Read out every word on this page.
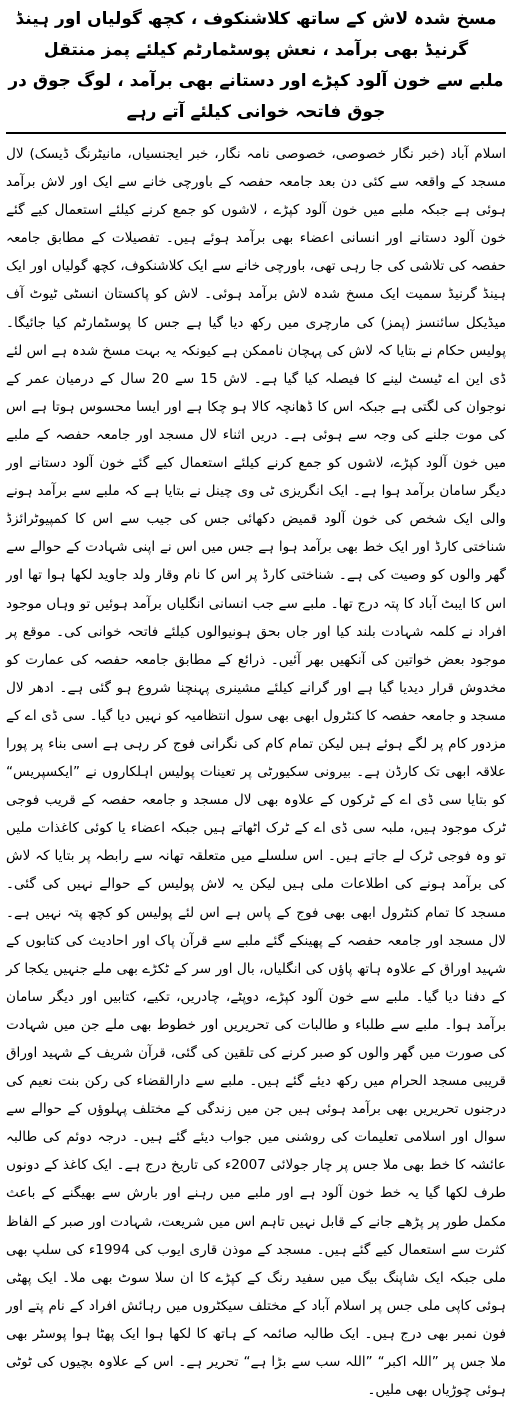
مسخ شدہ لاش کے ساتھ کلاشنکوف ، کچھ گولیاں اور ہینڈ گرنیڈ بھی برآمد ، نعش پوسٹمارٹم کیلئے پمز منتقل
ملبے سے خون آلود کپڑے اور دستانے بھی برآمد ، لوگ جوق در جوق فاتحہ خوانی کیلئے آتے رہے

اسلام آباد (خبر نگار خصوصی، خصوصی نامہ نگار، خبر ایجنسیاں، مانیٹرنگ ڈیسک) لال مسجد کے واقعہ سے کئی دن بعد جامعہ حفصہ کے باورچی خانے سے ایک اور لاش برآمد ہوئی ہے جبکہ ملبے میں خون آلود کپڑے ، لاشوں کو جمع کرنے کیلئے استعمال کیے گئے خون آلود دستانے اور انسانی اعضاء بھی برآمد ہوئے ہیں۔ تفصیلات کے مطابق جامعہ حفصہ کی تلاشی کی جا رہی تھی، باورچی خانے سے ایک کلاشنکوف، کچھ گولیاں اور ایک ہینڈ گرنیڈ سمیت ایک مسخ شدہ لاش برآمد ہوئی۔ لاش کو پاکستان انسٹی ٹیوٹ آف میڈیکل سائنسز (پمز) کی مارچری میں رکھ دیا گیا ہے جس کا پوسٹمارٹم کیا جائیگا۔ پولیس حکام نے بتایا کہ لاش کی پہچان ناممکن ہے کیونکہ یہ بہت مسخ شدہ ہے اس لئے ڈی این اے ٹیسٹ لینے کا فیصلہ کیا گیا ہے۔ لاش 15 سے 20 سال کے درمیان عمر کے نوجوان کی لگتی ہے جبکہ اس کا ڈھانچہ کالا ہو چکا ہے اور ایسا محسوس ہوتا ہے اس کی موت جلنے کی وجہ سے ہوئی ہے۔ دریں اثناء لال مسجد اور جامعہ حفصہ کے ملبے میں خون آلود کپڑے، لاشوں کو جمع کرنے کیلئے استعمال کیے گئے خون آلود دستانے اور دیگر سامان برآمد ہوا ہے۔ ایک انگریزی ٹی وی چینل نے بتایا ہے کہ ملبے سے برآمد ہونے والی ایک شخص کی خون آلود قمیض دکھائی جس کی جیب سے اس کا کمپیوٹرائزڈ شناختی کارڈ اور ایک خط بھی برآمد ہوا ہے جس میں اس نے اپنی شہادت کے حوالے سے گھر والوں کو وصیت کی ہے۔ شناختی کارڈ پر اس کا نام وقار ولد جاوید لکھا ہوا تھا اور اس کا ایبٹ آباد کا پتہ درج تھا۔ ملبے سے جب انسانی انگلیاں برآمد ہوئیں تو وہاں موجود افراد نے کلمہ شہادت بلند کیا اور جاں بحق ہونیوالوں کیلئے فاتحہ خوانی کی۔ موقع پر موجود بعض خواتین کی آنکھیں بھر آئیں۔ ذرائع کے مطابق جامعہ حفصہ کی عمارت کو مخدوش قرار دیدیا گیا ہے اور گرانے کیلئے مشینری پہنچنا شروع ہو گئی ہے۔ ادھر لال مسجد و جامعہ حفصہ کا کنٹرول ابھی بھی سول انتظامیہ کو نہیں دیا گیا۔ سی ڈی اے کے مزدور کام پر لگے ہوئے ہیں لیکن تمام کام کی نگرانی فوج کر رہی ہے اسی بناء پر پورا علاقہ ابھی تک کارڈن ہے۔ بیرونی سکیورٹی پر تعینات پولیس اہلکاروں نے ”ایکسپریس“ کو بتایا سی ڈی اے کے ٹرکوں کے علاوہ بھی لال مسجد و جامعہ حفصہ کے قریب فوجی ٹرک موجود ہیں، ملبہ سی ڈی اے کے ٹرک اٹھاتے ہیں جبکہ اعضاء یا کوئی کاغذات ملیں تو وہ فوجی ٹرک لے جاتے ہیں۔ اس سلسلے میں متعلقہ تھانہ سے رابطہ پر بتایا کہ لاش کی برآمد ہونے کی اطلاعات ملی ہیں لیکن یہ لاش پولیس کے حوالے نہیں کی گئی۔ مسجد کا تمام کنٹرول ابھی بھی فوج کے پاس ہے اس لئے پولیس کو کچھ پتہ نہیں ہے۔ لال مسجد اور جامعہ حفصہ کے پھینکے گئے ملبے سے قرآن پاک اور احادیث کی کتابوں کے شہید اوراق کے علاوہ ہاتھ پاؤں کی انگلیاں، بال اور سر کے ٹکڑے بھی ملے جنہیں یکجا کر کے دفنا دیا گیا۔ ملبے سے خون آلود کپڑے، دوپٹے، چادریں، تکیے، کتابیں اور دیگر سامان برآمد ہوا۔ ملبے سے طلباء و طالبات کی تحریریں اور خطوط بھی ملے جن میں شہادت کی صورت میں گھر والوں کو صبر کرنے کی تلقین کی گئی، قرآن شریف کے شہید اوراق قریبی مسجد الحرام میں رکھ دیئے گئے ہیں۔ ملبے سے دارالقضاء کی رکن بنت نعیم کی درجنوں تحریریں بھی برآمد ہوئی ہیں جن میں زندگی کے مختلف پہلوؤں کے حوالے سے سوال اور اسلامی تعلیمات کی روشنی میں جواب دیئے گئے ہیں۔ درجہ دوئم کی طالبہ عائشہ کا خط بھی ملا جس پر چار جولائی 2007ء کی تاریخ درج ہے۔ ایک کاغذ کے دونوں طرف لکھا گیا یہ خط خون آلود ہے اور ملبے میں رہنے اور بارش سے بھیگنے کے باعث مکمل طور پر پڑھے جانے کے قابل نہیں تاہم اس میں شریعت، شہادت اور صبر کے الفاظ کثرت سے استعمال کیے گئے ہیں۔ مسجد کے موذن قاری ایوب کی 1994ء کی سلپ بھی ملی جبکہ ایک شاپنگ بیگ میں سفید رنگ کے کپڑے کا ان سلا سوٹ بھی ملا۔ ایک پھٹی ہوئی کاپی ملی جس پر اسلام آباد کے مختلف سیکٹروں میں رہائش افراد کے نام پتے اور فون نمبر بھی درج ہیں۔ ایک طالبہ صائمہ کے ہاتھ کا لکھا ہوا ایک پھٹا ہوا پوسٹر بھی ملا جس پر ”اللہ اکبر“ ”اللہ سب سے بڑا ہے“ تحریر ہے۔ اس کے علاوہ بچیوں کی ٹوٹی ہوئی چوڑیاں بھی ملیں۔
